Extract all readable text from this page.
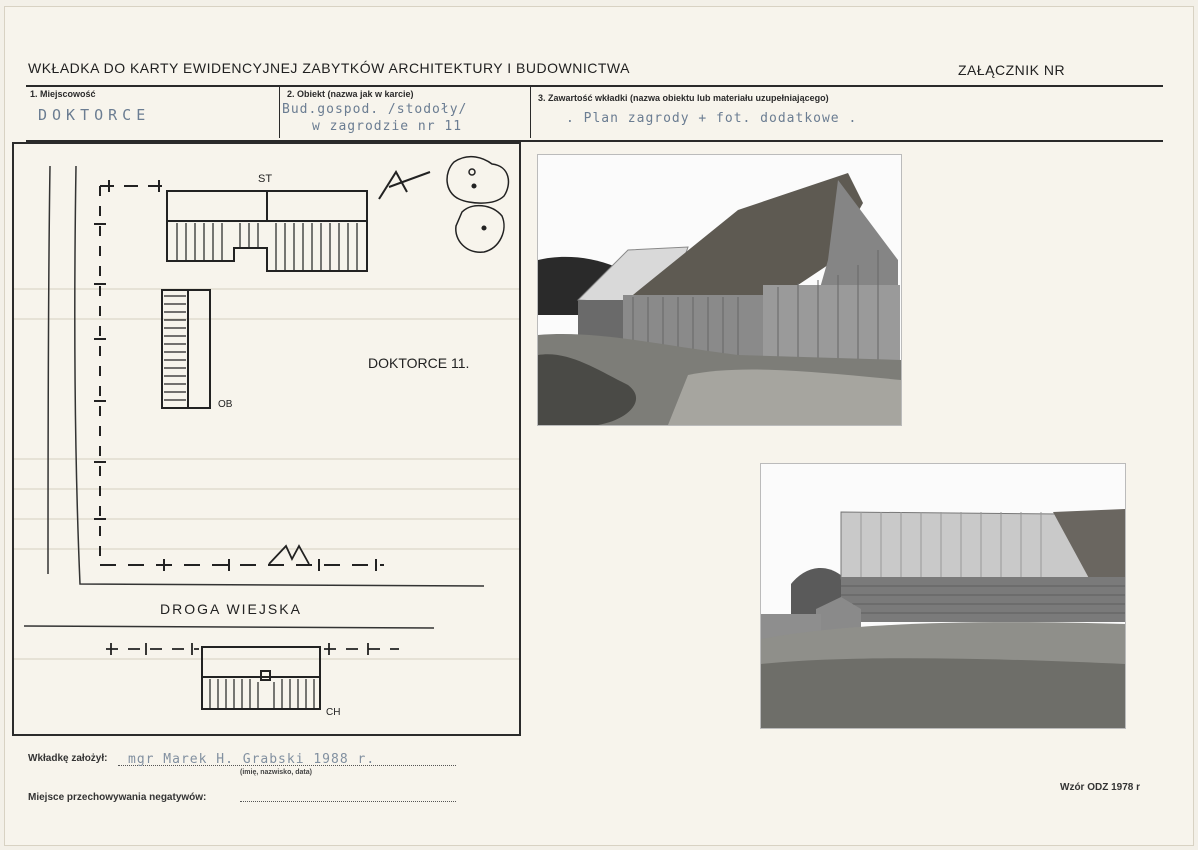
WKŁADKA DO KARTY EWIDENCYJNEJ ZABYTKÓW ARCHITEKTURY I BUDOWNICTWA	ZAŁĄCZNIK NR
1. Miejscowość
DOKTORCE
2. Obiekt (nazwa jak w karcie)
Bud.gospod. /stodoły/
w zagrodzie nr 11
3. Zawartość wkładki (nazwa obiektu lub materiału uzupełniającego)
. Plan zagrody + fot. dodatkowe .
ST
OB
CH
DOKTORCE 11.
DROGA WIEJSKA
Wkładkę założył: mgr Marek H. Grabski 1988 r.
(imię, nazwisko, data)
Miejsce przechowywania negatywów:
Wzór ODZ 1978 r
